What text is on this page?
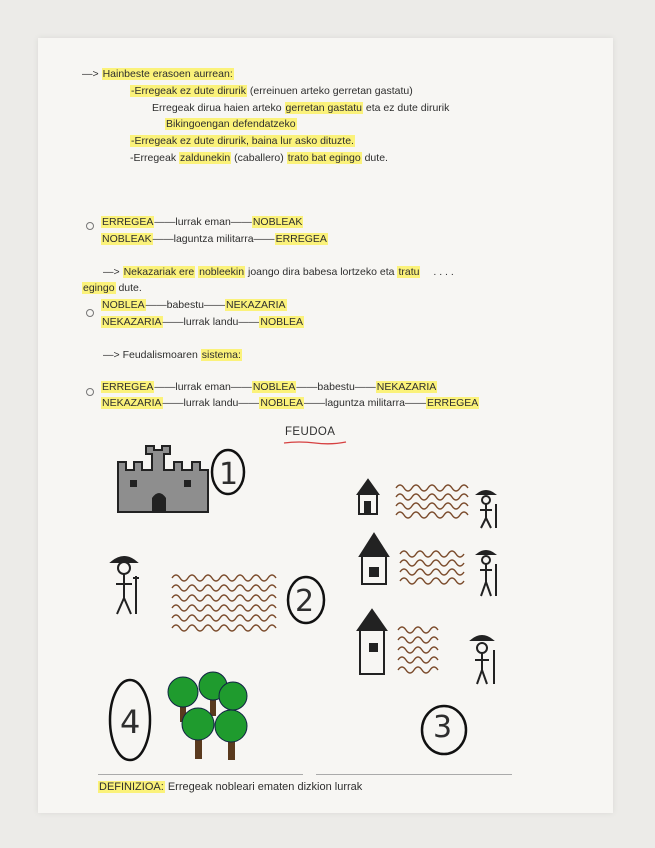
—> Hainbeste erasoen aurrean:
-Erregeak ez dute dirurik (erreinuen arteko gerretan gastatu)
Erregeak dirua haien arteko gerretan gastatu eta ez dute dirurik
Bikingoengan defendatzeko
-Erregeak ez dute dirurik, baina lur asko dituzte.
-Erregeak zaldunekin (caballero) trato bat egingo dute.
ERREGEA——lurrak eman——NOBLEAK
NOBLEAK——laguntza militarra——ERREGEA
—> Nekazariak ere nobleekin joango dira babesa lortzeko eta tratu . . . .
egingo dute.
NOBLEA——babestu——NEKAZARIA
NEKAZARIA——lurrak landu——NOBLEA
—> Feudalismoaren sistema:
ERREGEA——lurrak eman——NOBLEA——babestu——NEKAZARIA
NEKAZARIA——lurrak landu——NOBLEA——laguntza militarra——ERREGEA
FEUDOA
1
2
4	3
DEFINIZIOA: Erregeak nobleari ematen dizkion lurrak
